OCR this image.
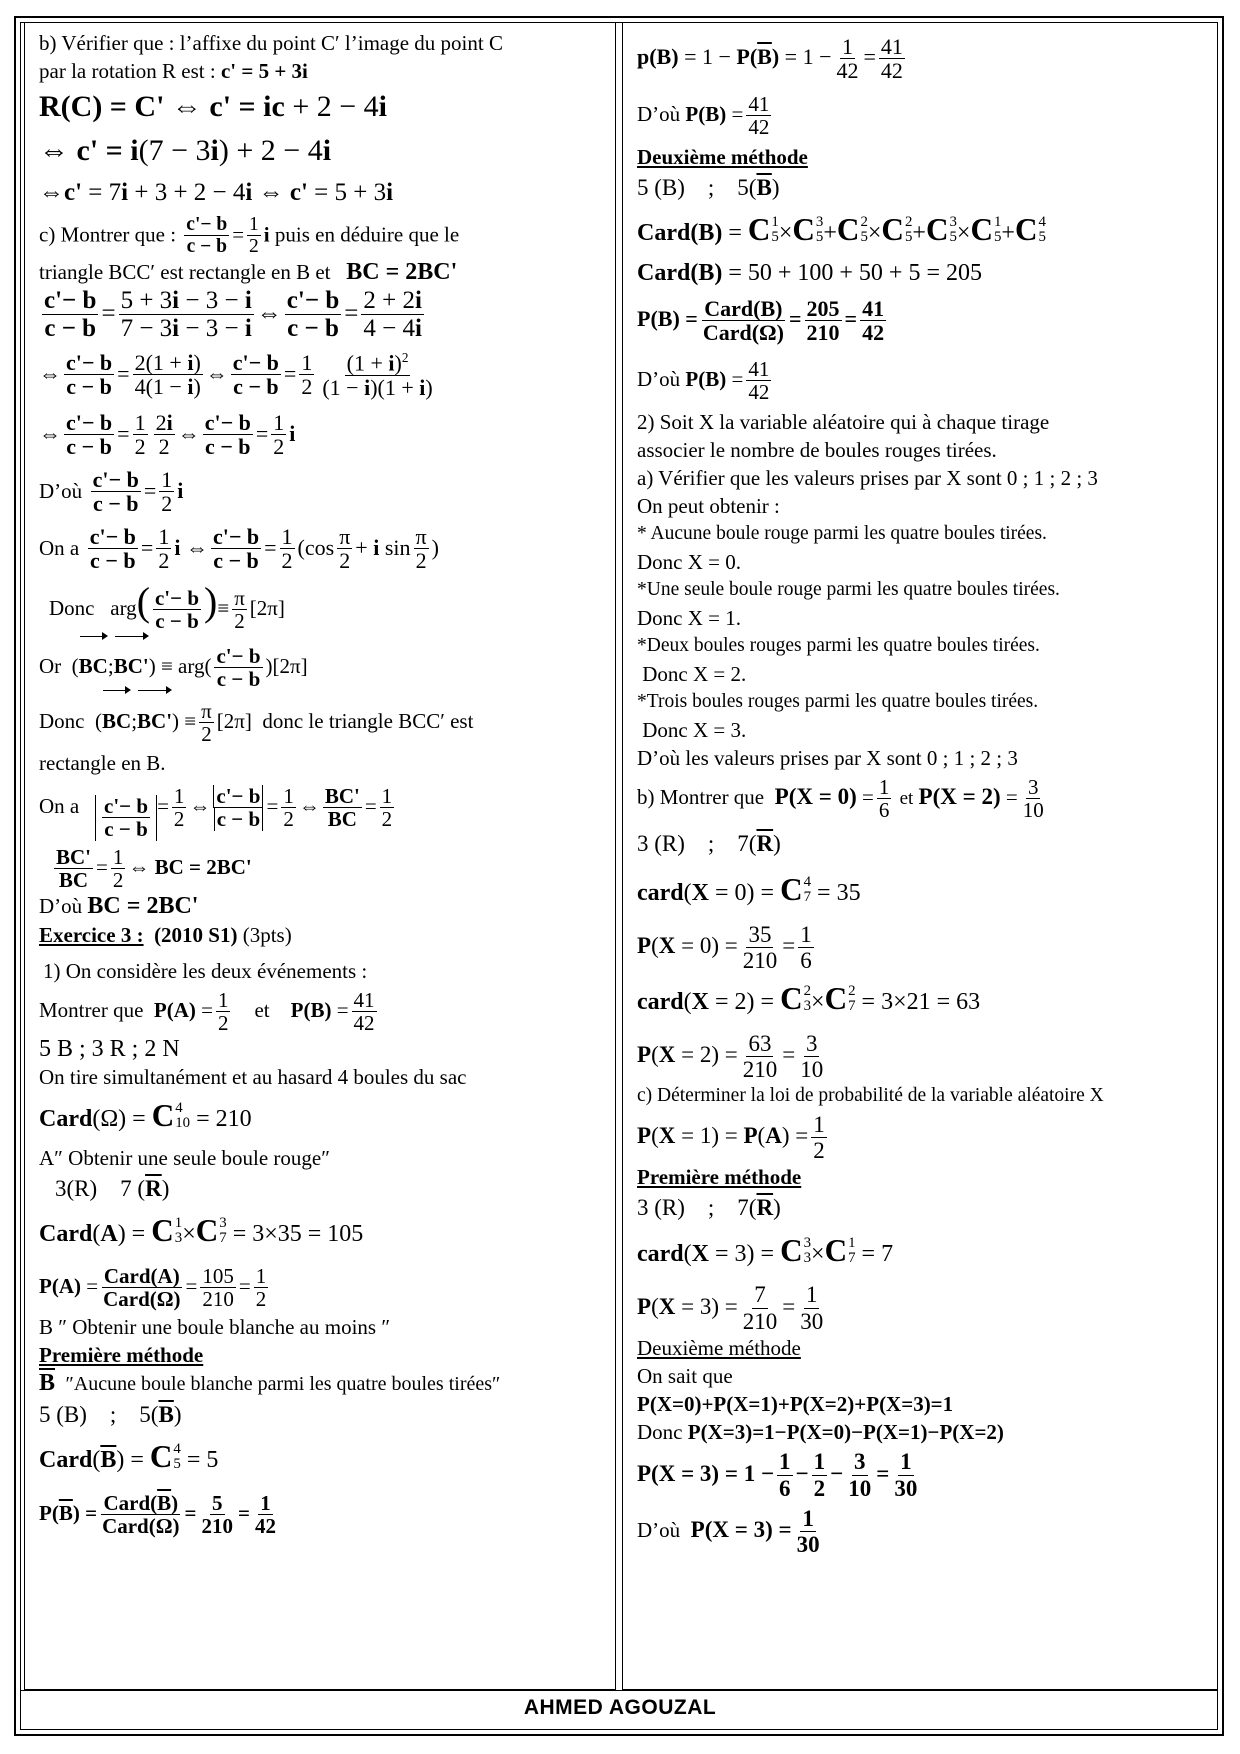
b) Vérifier que : l’affixe du point C′ l’image du point C
par la rotation R est : c' = 5 + 3i
R(C) = C' ⇔ c' = ic + 2 − 4i
⇔ c' = i(7 − 3i) + 2 − 4i
⇔c' = 7i + 3 + 2 − 4i ⇔ c' = 5 + 3i
c) Montrer que : $\frac{c'- b}{c - b} = \frac{1}{2}$ i puis en déduire que le
triangle BCC′ est rectangle en B et BC = 2BC'
$\frac{c'- b}{c - b} = \frac{5 + 3i - 3 - i}{7 - 3i - 3 - i}$ ⇔ $\frac{c'- b}{c - b} = \frac{2 + 2i}{4 - 4i}$
⇔ $\frac{c'- b}{c - b} = \frac{2(1 + i)}{4(1 - i)}$ ⇔ $\frac{c'- b}{c - b} = \frac{1}{2} \frac{(1 + i)^2}{(1 - i)(1 + i)}$
⇔ $\frac{c'- b}{c - b} = \frac{1}{2} \frac{2i}{2}$ ⇔ $\frac{c'- b}{c - b} = \frac{1}{2}$ i
D’où $\frac{c'- b}{c - b} = \frac{1}{2}$ i
On a $\frac{c'- b}{c - b} = \frac{1}{2}$ i ⇔ $\frac{c'- b}{c - b} = \frac{1}{2} (\cos \frac{\pi}{2} + i$ $\sin \frac{\pi}{2}$ )
Donc $arg( \frac{c'- b}{c - b}$ )≡ $\frac{\pi}{2} [2\pi]$
Or  (BC;BC') ≡ $arg( \frac{c'- b}{c - b} )[2\pi]$
Donc  (BC;BC') ≡ $\frac{\pi}{2} [2\pi]$  donc le triangle BCC′ est
rectangle en B.
On a $\frac{c'- b}{c - b} = \frac{1}{2}$ ⇔ $\frac{c'- b}{c - b} = \frac{1}{2}$ ⇔ $\frac{BC'}{BC} = \frac{1}{2}$
$\frac{BC'}{BC} = \frac{1}{2}$ ⇔ BC = 2BC'
D’où BC = 2BC'
Exercice 3 : (2010 S1) (3pts)
1) On considère les deux événements :
Montrer que $P(A) = \frac{1}{2}$ et $P(B) = \frac{41}{42}$
5 B ; 3 R ; 2 N
On tire simultanément et au hasard 4 boules du sac
Card(Ω) = C 4
10 = 210
A″ Obtenir une seule boule rouge″
3(R)    7 $(\overline{R})$
Card(A) = C 1
3 × C 3
7 = 3×35 = 105
$P(A) = \frac{\text{Card(A)}}{\text{Card(Ω)}} = \frac{105}{210} = \frac{1}{2}$
B ″ Obtenir une boule blanche au moins ″
Première méthode
$\overline{B}$ ″Aucune boule blanche parmi les quatre boules tirées″
5 (B)    ;    $5(\overline{B})$
$Card(\overline{B}) = C$ 4
5 = 5
$P(\overline{B}) = \frac{Card(\overline{B})}{\text{Card(Ω)}} = \frac{5}{210} = \frac{1}{42}$
$p(B) = 1 - P(\overline{B}) = 1 - \frac{1}{42} = \frac{41}{42}$
D’où $P(B) = \frac{41}{42}$
Deuxième méthode
5 (B)    ;    $5(\overline{B})$
Card(B) = C 1
5 × C 3
5 + C 2
5 × C 2
5 + C 3
5 × C 1
5 + C 4
5
Card(B) = 50 + 100 + 50 + 5 = 205
$P(B) = \frac{\text{Card(B)}}{\text{Card(Ω)}} = \frac{205}{210} = \frac{41}{42}$
D’où $P(B) = \frac{41}{42}$
2) Soit X la variable aléatoire qui à chaque tirage
associer le nombre de boules rouges tirées.
a) Vérifier que les valeurs prises par X sont 0 ; 1 ; 2 ; 3
On peut obtenir :
* Aucune boule rouge parmi les quatre boules tirées.
Donc X = 0.
*Une seule boule rouge parmi les quatre boules tirées.
Donc X = 1.
*Deux boules rouges parmi les quatre boules tirées.
Donc X = 2.
*Trois boules rouges parmi les quatre boules tirées.
Donc X = 3.
D’où les valeurs prises par X sont 0 ; 1 ; 2 ; 3
b) Montrer que $P(X = 0) = \frac{1}{6}$ et $P(X = 2) = \frac{3}{10}$
3 (R)    ;    $7(\overline{R})$
card(X = 0) = C 4
7 = 35
$P(X = 0) = \frac{35}{210} = \frac{1}{6}$
card(X = 2) = C 2
3 × C 2
7 = 3×21 = 63
$P(X = 2) = \frac{63}{210} = \frac{3}{10}$
c) Déterminer la loi de probabilité de la variable aléatoire X
$P(X = 1) = P(A) = \frac{1}{2}$
Première méthode
3 (R)    ;    $7(\overline{R})$
card(X = 3) = C 3
3 × C 1
7 = 7
$P(X = 3) = \frac{7}{210} = \frac{1}{30}$
Deuxième méthode
On sait que
P(X=0)+P(X=1)+P(X=2)+P(X=3)=1
Donc P(X=3)=1−P(X=0)−P(X=1)−P(X=2)
$P(X = 3) = 1 - \frac{1}{6} - \frac{1}{2} - \frac{3}{10} = \frac{1}{30}$
D’où $P(X = 3) = \frac{1}{30}$
AHMED AGOUZAL
